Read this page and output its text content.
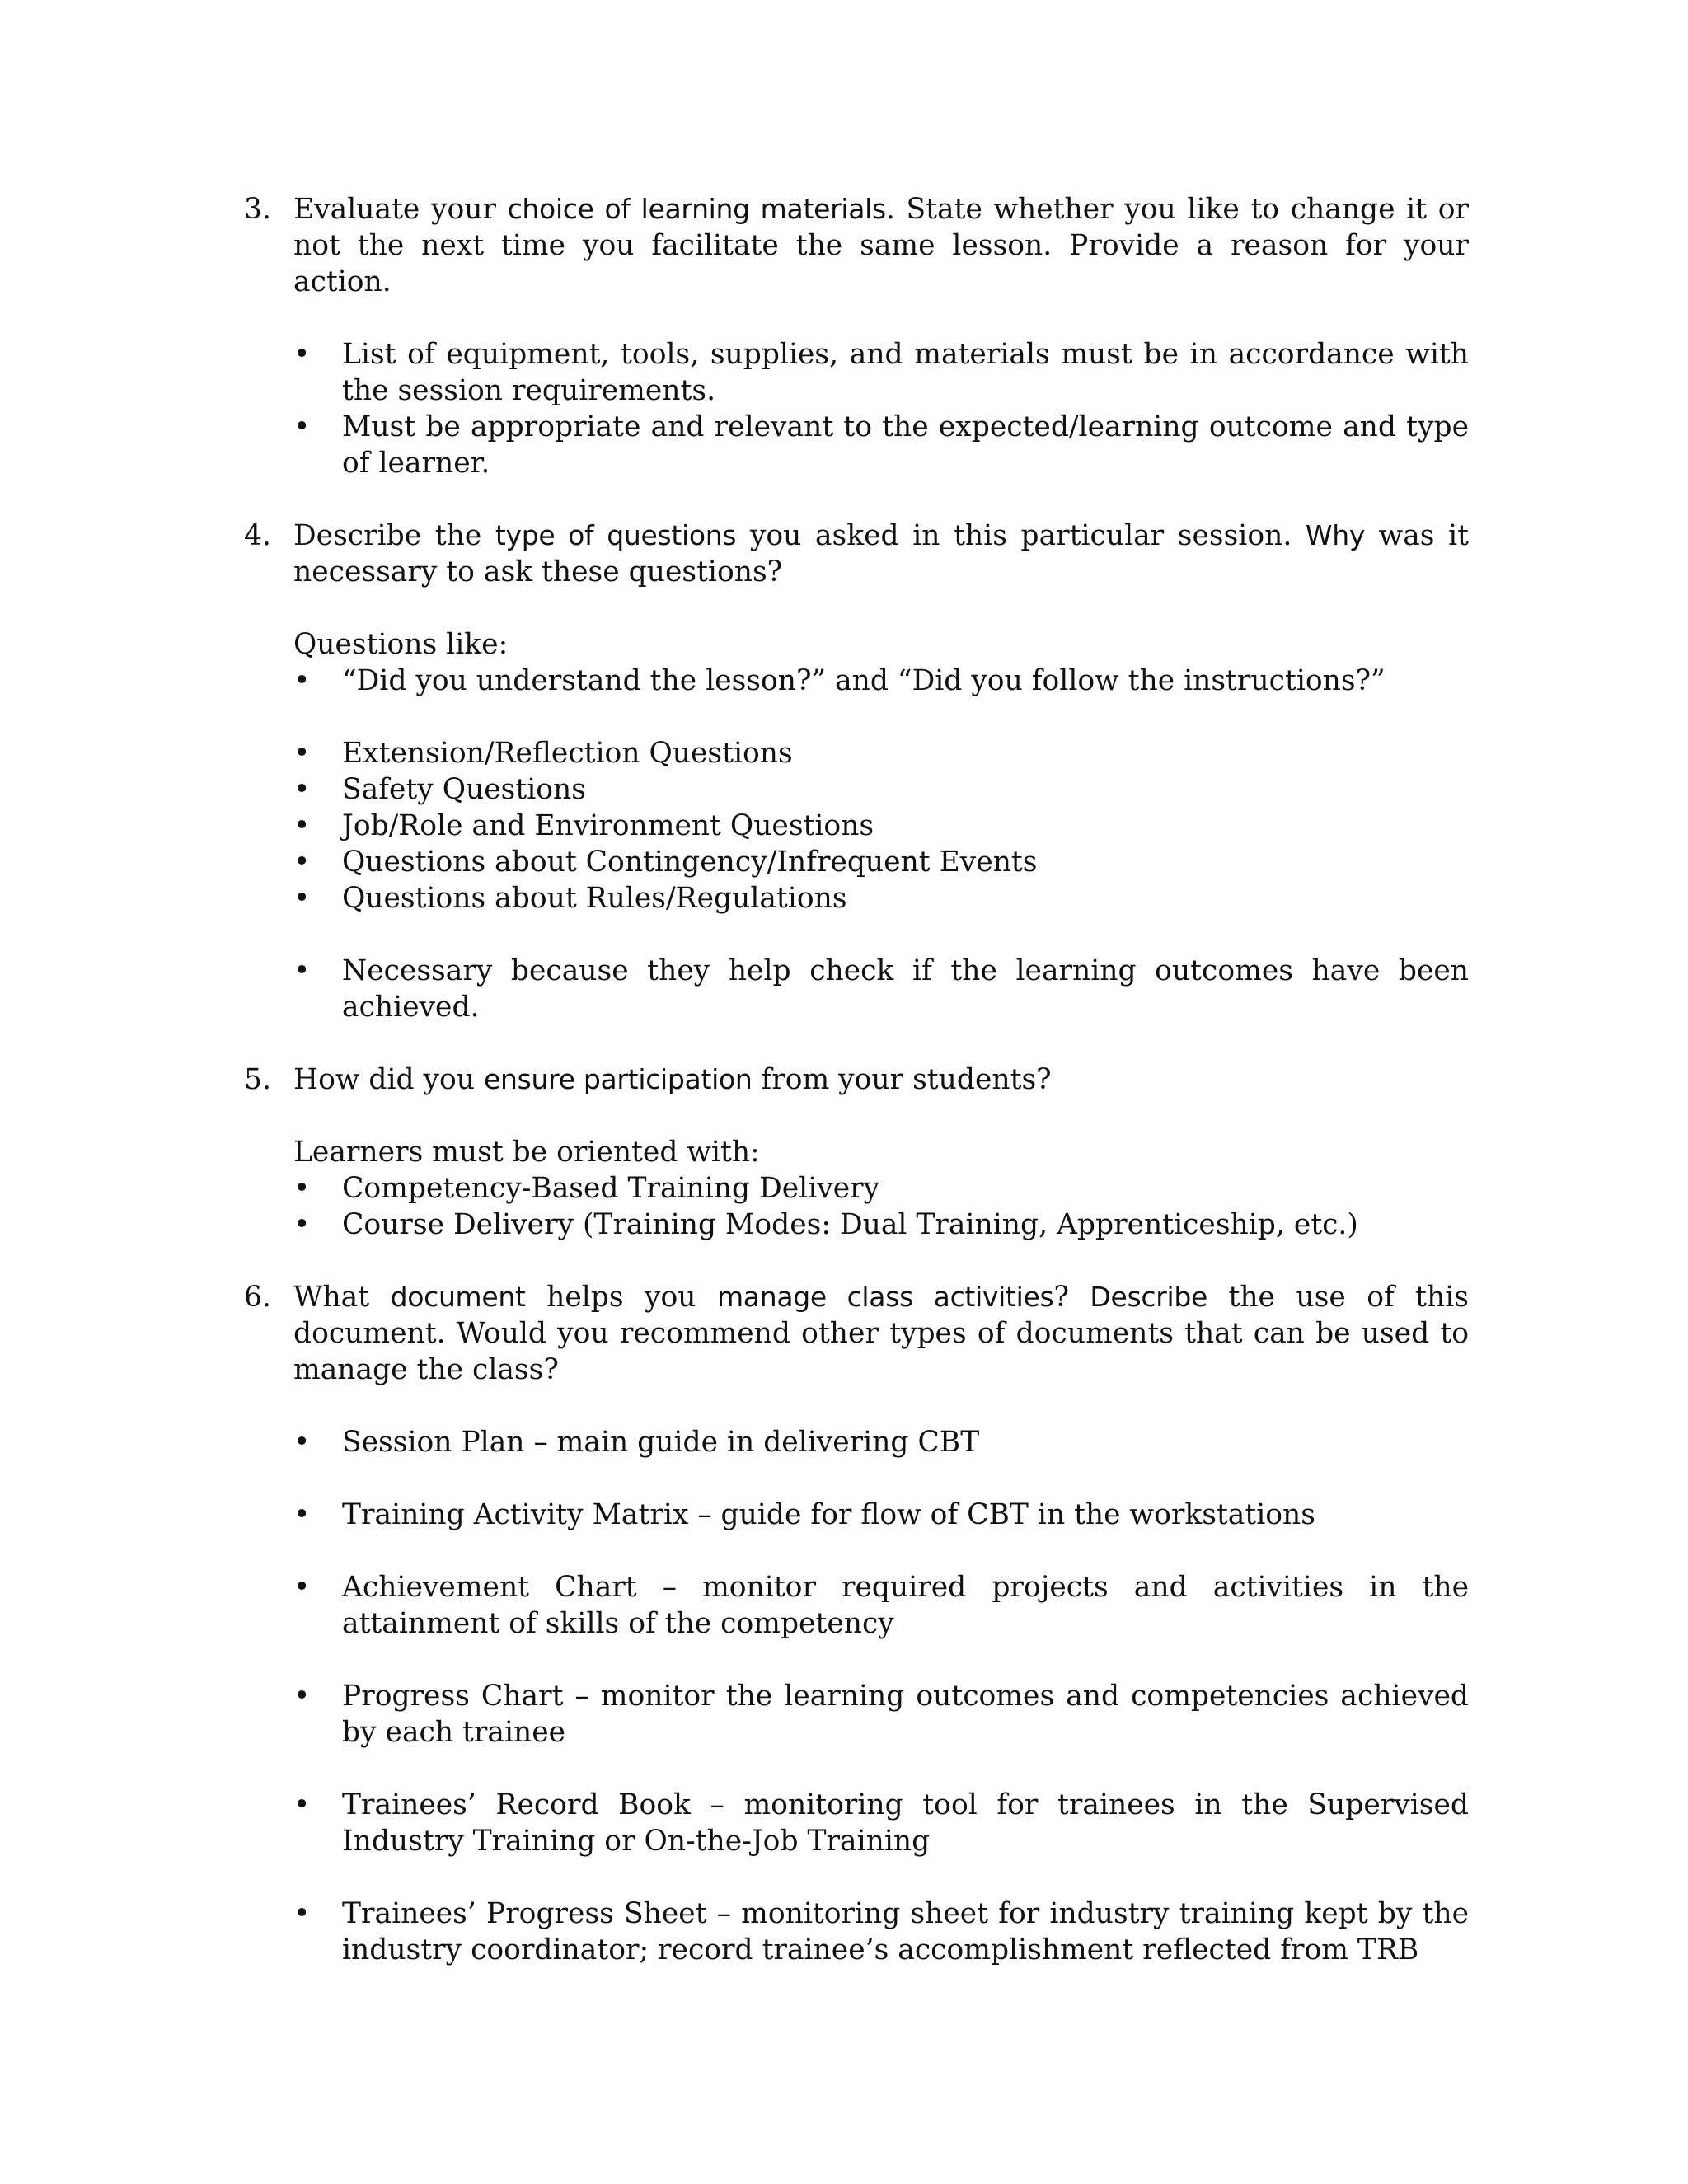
3. Evaluate your choice of learning materials. State whether you like to change it or not the next time you facilitate the same lesson. Provide a reason for your action.

• List of equipment, tools, supplies, and materials must be in accordance with the session requirements.
• Must be appropriate and relevant to the expected/learning outcome and type of learner.
4. Describe the type of questions you asked in this particular session. Why was it necessary to ask these questions?

Questions like:

• “Did you understand the lesson?” and “Did you follow the instructions?”
• Extension/Reflection Questions
• Safety Questions
• Job/Role and Environment Questions
• Questions about Contingency/Infrequent Events
• Questions about Rules/Regulations
• Necessary because they help check if the learning outcomes have been achieved.
5. How did you ensure participation from your students?

Learners must be oriented with:

• Competency-Based Training Delivery
• Course Delivery (Training Modes: Dual Training, Apprenticeship, etc.)
6. What document helps you manage class activities? Describe the use of this document. Would you recommend other types of documents that can be used to manage the class?

• Session Plan – main guide in delivering CBT
• Training Activity Matrix – guide for flow of CBT in the workstations
• Achievement Chart – monitor required projects and activities in the attainment of skills of the competency
• Progress Chart – monitor the learning outcomes and competencies achieved by each trainee
• Trainees’ Record Book – monitoring tool for trainees in the Supervised Industry Training or On-the-Job Training
• Trainees’ Progress Sheet – monitoring sheet for industry training kept by the industry coordinator; record trainee’s accomplishment reflected from TRB
